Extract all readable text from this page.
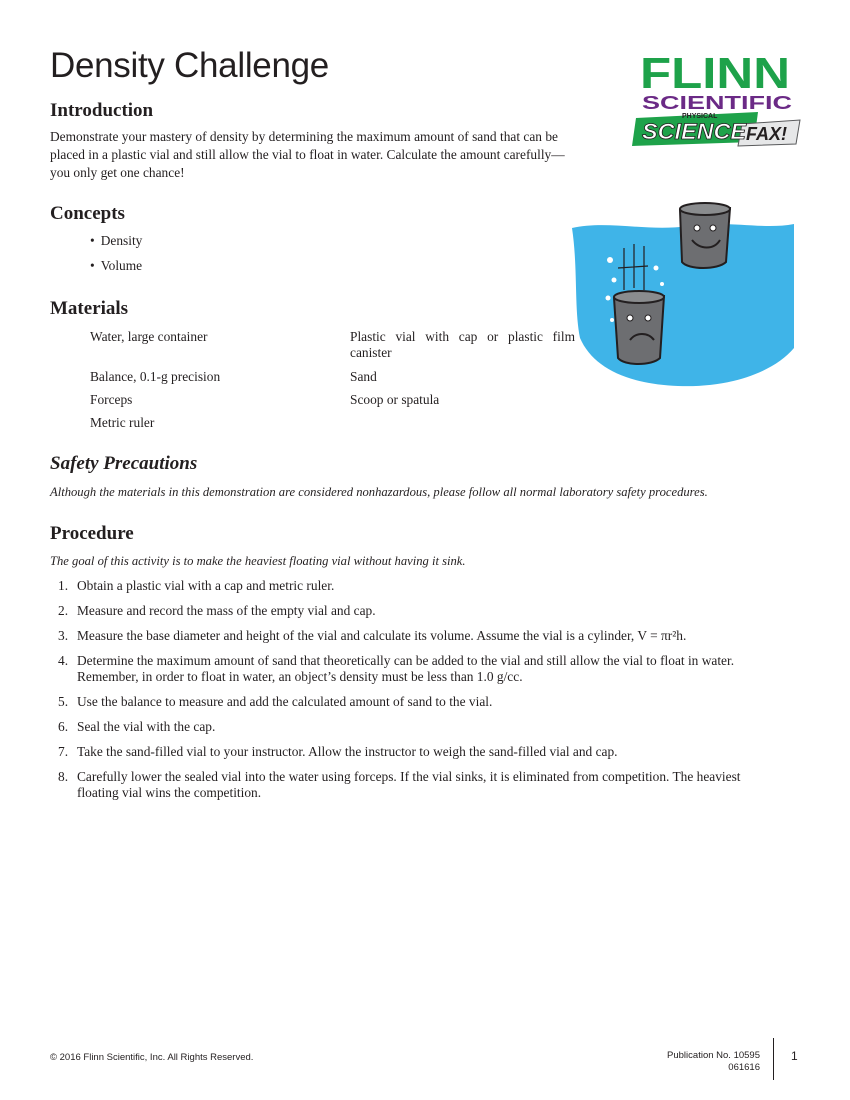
Density Challenge	FLINN
SCIENTIFIC
PHYSICAL
SCIENCE
FAX!
Introduction
Demonstrate your mastery of density by determining the maximum amount of sand that can be placed in a plastic vial and still allow the vial to float in water. Calculate the amount carefully—you only get one chance!
Concepts
• Density
• Volume
Materials
Water, large container	Plastic vial with cap or plastic film canister
Balance, 0.1-g precision	Sand
Forceps	Scoop or spatula
Metric ruler
Safety Precautions
Although the materials in this demonstration are considered nonhazardous, please follow all normal laboratory safety procedures.
Procedure
The goal of this activity is to make the heaviest floating vial without having it sink.
1. Obtain a plastic vial with a cap and metric ruler.
2. Measure and record the mass of the empty vial and cap.
3. Measure the base diameter and height of the vial and calculate its volume. Assume the vial is a cylinder, V = πr²h.
4. Determine the maximum amount of sand that theoretically can be added to the vial and still allow the vial to float in water. Remember, in order to float in water, an object’s density must be less than 1.0 g/cc.
5. Use the balance to measure and add the calculated amount of sand to the vial.
6. Seal the vial with the cap.
7. Take the sand-filled vial to your instructor. Allow the instructor to weigh the sand-filled vial and cap.
8. Carefully lower the sealed vial into the water using forceps. If the vial sinks, it is eliminated from competition. The heaviest floating vial wins the competition.
© 2016 Flinn Scientific, Inc. All Rights Reserved.	Publication No. 10595
061616
1
